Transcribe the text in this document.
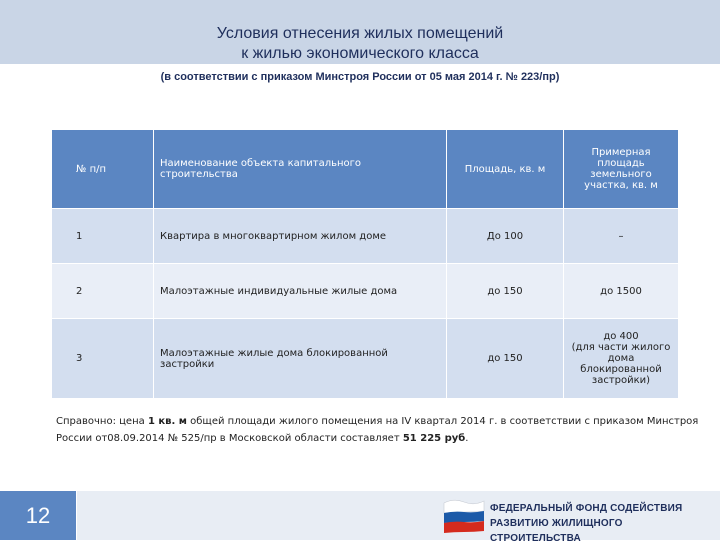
Условия отнесения жилых помещений
к жилью экономического класса
(в соответствии с приказом Минстроя России от 05 мая 2014 г. № 223/пр)
№ п/п	Наименование объекта капитального строительства	Площадь, кв. м	Примерная площадь земельного участка, кв. м
1	Квартира в многоквартирном жилом доме	До 100	–
2	Малоэтажные индивидуальные жилые дома	до 150	до 1500
3	Малоэтажные жилые дома блокированной застройки	до 150	до 400
(для части жилого дома блокированной застройки)
Справочно: цена 1 кв. м общей площади жилого помещения на IV квартал 2014 г. в соответствии с приказом Минстроя России от08.09.2014 № 525/пр в Московской области составляет 51 225 руб.
12	ФЕДЕРАЛЬНЫЙ ФОНД СОДЕЙСТВИЯ
РАЗВИТИЮ ЖИЛИЩНОГО СТРОИТЕЛЬСТВА
